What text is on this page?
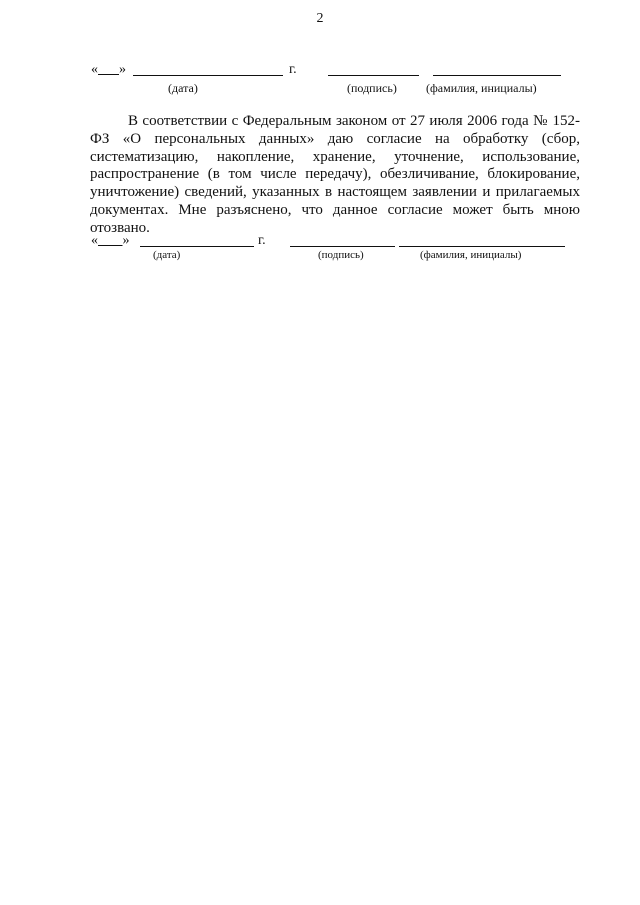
2
« »	г.
(дата)	(подпись) (фамилия, инициалы)

В соответствии с Федеральным законом от 27 июля 2006 года № 152-ФЗ «О персональных данных» даю согласие на обработку (сбор, систематизацию, накопление, хранение, уточнение, использование, распространение (в том числе передачу), обезличивание, блокирование, уничтожение) сведений, указанных в настоящем заявлении и прилагаемых документах. Мне разъяснено, что данное согласие может быть мною отозвано.

« »	г.
(дата)	(подпись)	(фамилия, инициалы)
